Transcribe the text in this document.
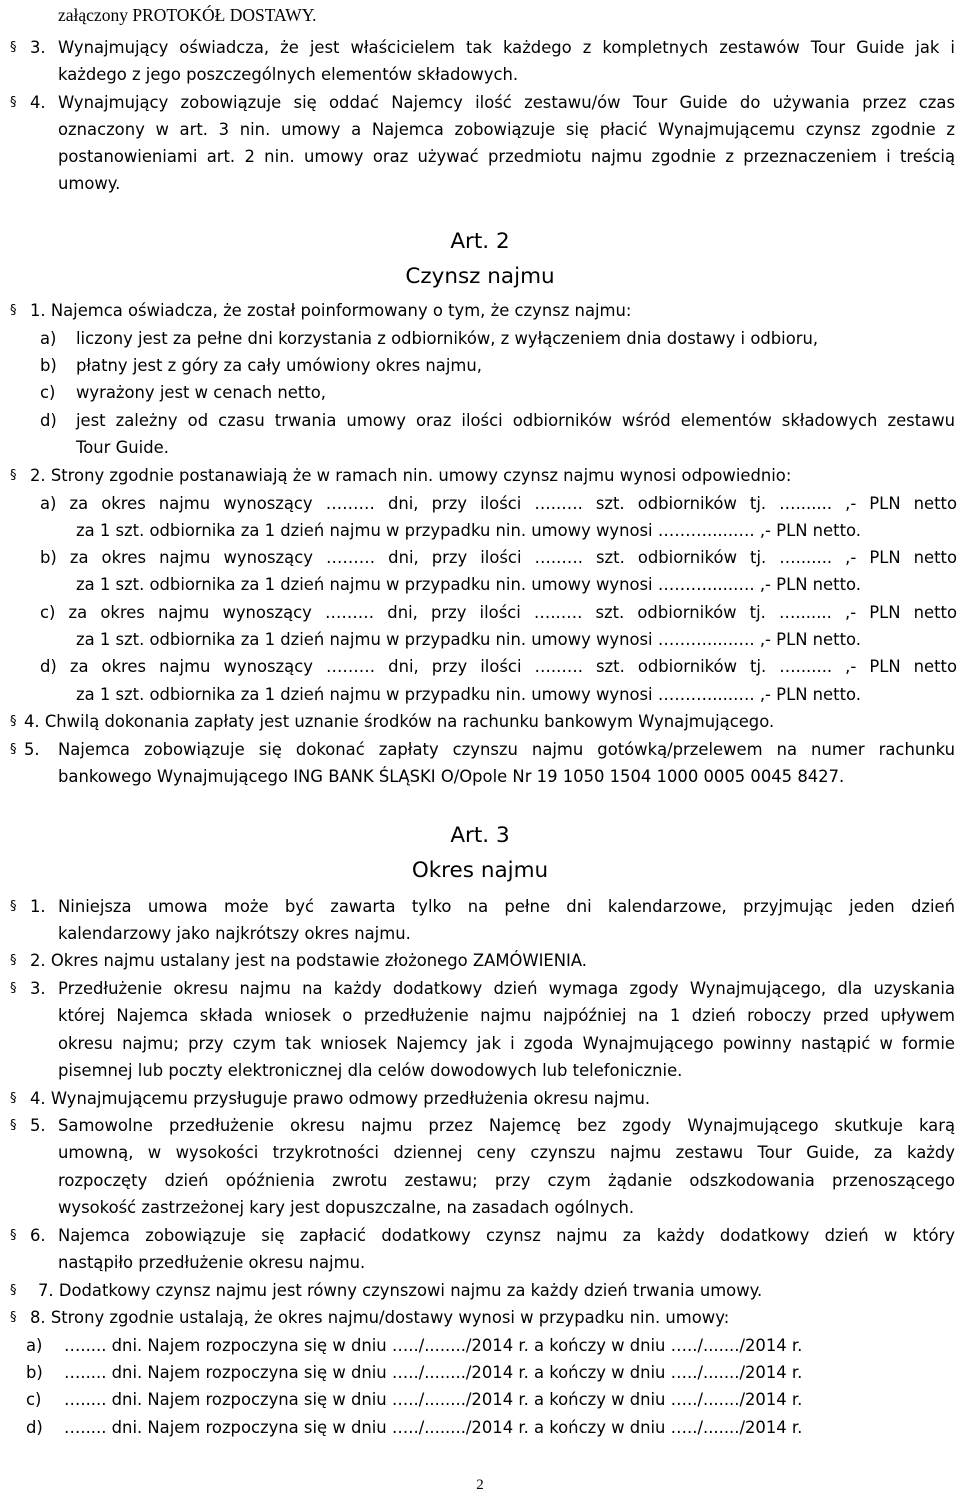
załączony PROTOKÓŁ DOSTAWY.
§ 3. Wynajmujący oświadcza, że jest właścicielem tak każdego z kompletnych zestawów Tour Guide jak i
każdego z jego poszczególnych elementów składowych.
§ 4. Wynajmujący zobowiązuje się oddać Najemcy ilość zestawu/ów Tour Guide do używania przez czas
oznaczony w art. 3 nin. umowy a Najemca zobowiązuje się płacić Wynajmującemu czynsz zgodnie z
postanowieniami art. 2 nin. umowy oraz używać przedmiotu najmu zgodnie z przeznaczeniem i treścią
umowy.
Art. 2
Czynsz najmu
§ 1. Najemca oświadcza, że został poinformowany o tym, że czynsz najmu:
a) liczony jest za pełne dni korzystania z odbiorników, z wyłączeniem dnia dostawy i odbioru,
b) płatny jest z góry za cały umówiony okres najmu,
c) wyrażony jest w cenach netto,
d) jest zależny od czasu trwania umowy oraz ilości odbiorników wśród elementów składowych zestawu
Tour Guide.
§ 2. Strony zgodnie postanawiają że w ramach nin. umowy czynsz najmu wynosi odpowiednio:
a) za okres najmu wynoszący ……… dni, przy ilości …..…. szt. odbiorników tj. …....... ,- PLN netto
za 1 szt. odbiornika za 1 dzień najmu w przypadku nin. umowy wynosi ……….....…. ,- PLN netto.
b) za okres najmu wynoszący ……… dni, przy ilości …..…. szt. odbiorników tj. …....... ,- PLN netto
za 1 szt. odbiornika za 1 dzień najmu w przypadku nin. umowy wynosi ……….....…. ,- PLN netto.
c) za okres najmu wynoszący ……… dni, przy ilości …..…. szt. odbiorników tj. …....... ,- PLN netto
za 1 szt. odbiornika za 1 dzień najmu w przypadku nin. umowy wynosi ……….....…. ,- PLN netto.
d) za okres najmu wynoszący ……… dni, przy ilości …..…. szt. odbiorników tj. …....... ,- PLN netto
za 1 szt. odbiornika za 1 dzień najmu w przypadku nin. umowy wynosi ……….....…. ,- PLN netto.
§ 4. Chwilą dokonania zapłaty jest uznanie środków na rachunku bankowym Wynajmującego.
§ 5. Najemca zobowiązuje się dokonać zapłaty czynszu najmu gotówką/przelewem na numer rachunku
bankowego Wynajmującego ING BANK ŚLĄSKI O/Opole Nr 19 1050 1504 1000 0005 0045 8427.
Art. 3
Okres najmu
§ 1. Niniejsza umowa może być zawarta tylko na pełne dni kalendarzowe, przyjmując jeden dzień
kalendarzowy jako najkrótszy okres najmu.
§ 2. Okres najmu ustalany jest na podstawie złożonego ZAMÓWIENIA.
§ 3. Przedłużenie okresu najmu na każdy dodatkowy dzień wymaga zgody Wynajmującego, dla uzyskania
której Najemca składa wniosek o przedłużenie najmu najpóźniej na 1 dzień roboczy przed upływem
okresu najmu; przy czym tak wniosek Najemcy jak i zgoda Wynajmującego powinny nastąpić w formie
pisemnej lub poczty elektronicznej dla celów dowodowych lub telefonicznie.
§ 4. Wynajmującemu przysługuje prawo odmowy przedłużenia okresu najmu.
§ 5. Samowolne przedłużenie okresu najmu przez Najemcę bez zgody Wynajmującego skutkuje karą
umowną, w wysokości trzykrotności dziennej ceny czynszu najmu zestawu Tour Guide, za każdy
rozpoczęty dzień opóźnienia zwrotu zestawu; przy czym żądanie odszkodowania przenoszącego
wysokość zastrzeżonej kary jest dopuszczalne, na zasadach ogólnych.
§ 6. Najemca zobowiązuje się zapłacić dodatkowy czynsz najmu za każdy dodatkowy dzień w który
nastąpiło przedłużenie okresu najmu.
§ 7. Dodatkowy czynsz najmu jest równy czynszowi najmu za każdy dzień trwania umowy.
§ 8. Strony zgodnie ustalają, że okres najmu/dostawy wynosi w przypadku nin. umowy:
a) …..... dni. Najem rozpoczyna się w dniu …../......../2014 r. a kończy w dniu …../......./2014 r.
b) …..... dni. Najem rozpoczyna się w dniu …../......../2014 r. a kończy w dniu …../......./2014 r.
c) …..... dni. Najem rozpoczyna się w dniu …../......../2014 r. a kończy w dniu …../......./2014 r.
d) …..... dni. Najem rozpoczyna się w dniu …../......../2014 r. a kończy w dniu …../......./2014 r.
2
